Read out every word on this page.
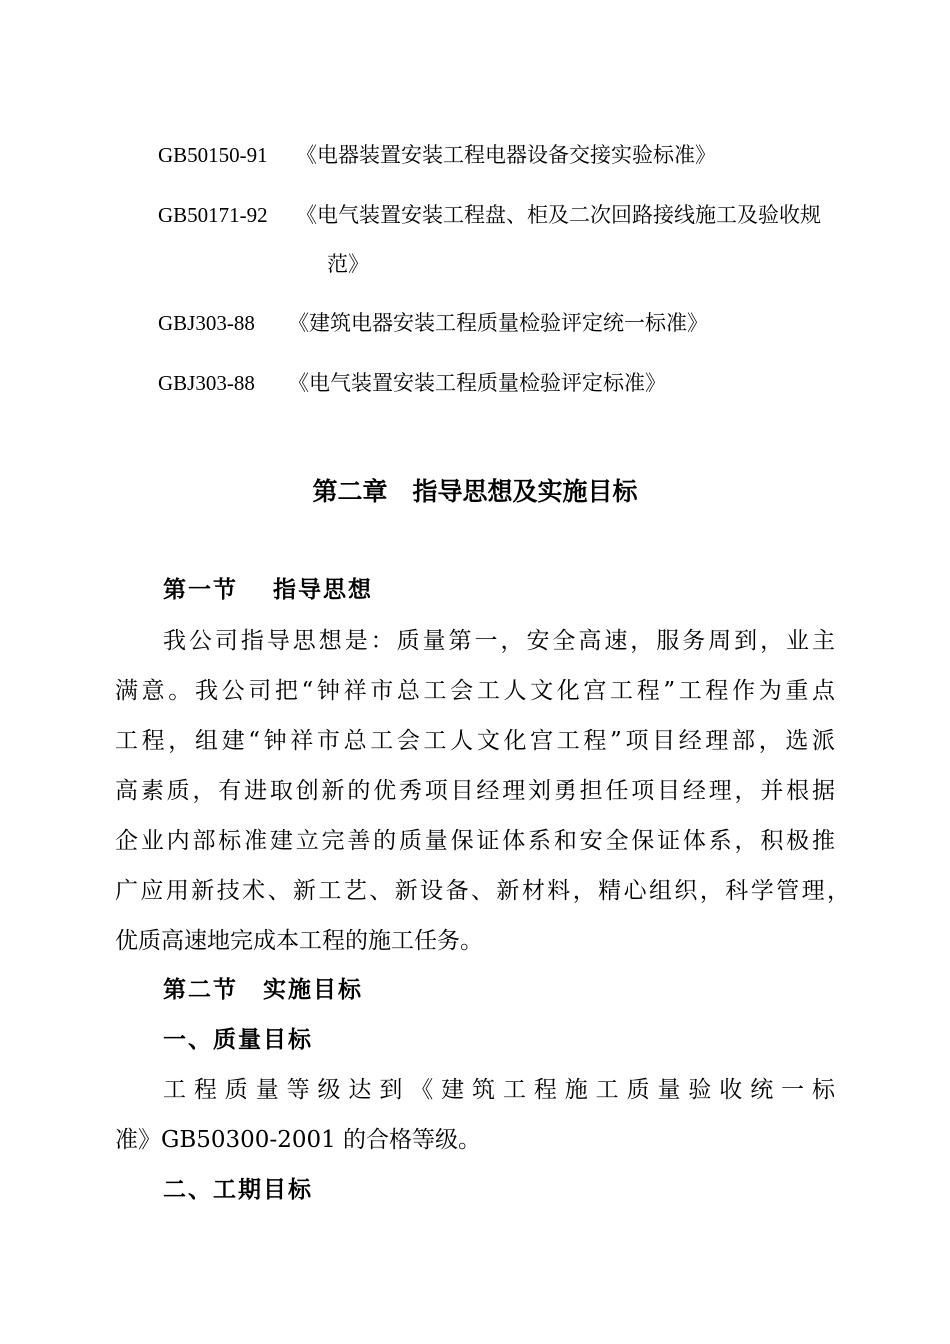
GB50150-91 《电器装置安装工程电器设备交接实验标准》
GB50171-92 《电气装置安装工程盘、柜及二次回路接线施工及验收规
范》
GBJ303-88 《建筑电器安装工程质量检验评定统一标准》
GBJ303-88 《电气装置安装工程质量检验评定标准》
第二章　指导思想及实施目标
第一节　 指导思想
我公司指导思想是：质量第一，安全高速，服务周到，业主
满意。我公司把“钟祥市总工会工人文化宫工程”工程作为重点
工程，组建“钟祥市总工会工人文化宫工程”项目经理部，选派
高素质，有进取创新的优秀项目经理刘勇担任项目经理，并根据
企业内部标准建立完善的质量保证体系和安全保证体系，积极推
广应用新技术、新工艺、新设备、新材料，精心组织，科学管理，
优质高速地完成本工程的施工任务。
第二节　实施目标
一、质量目标
工程质量等级达到《建筑工程施工质量验收统一标
准》GB50300-2001 的合格等级。
二、工期目标
